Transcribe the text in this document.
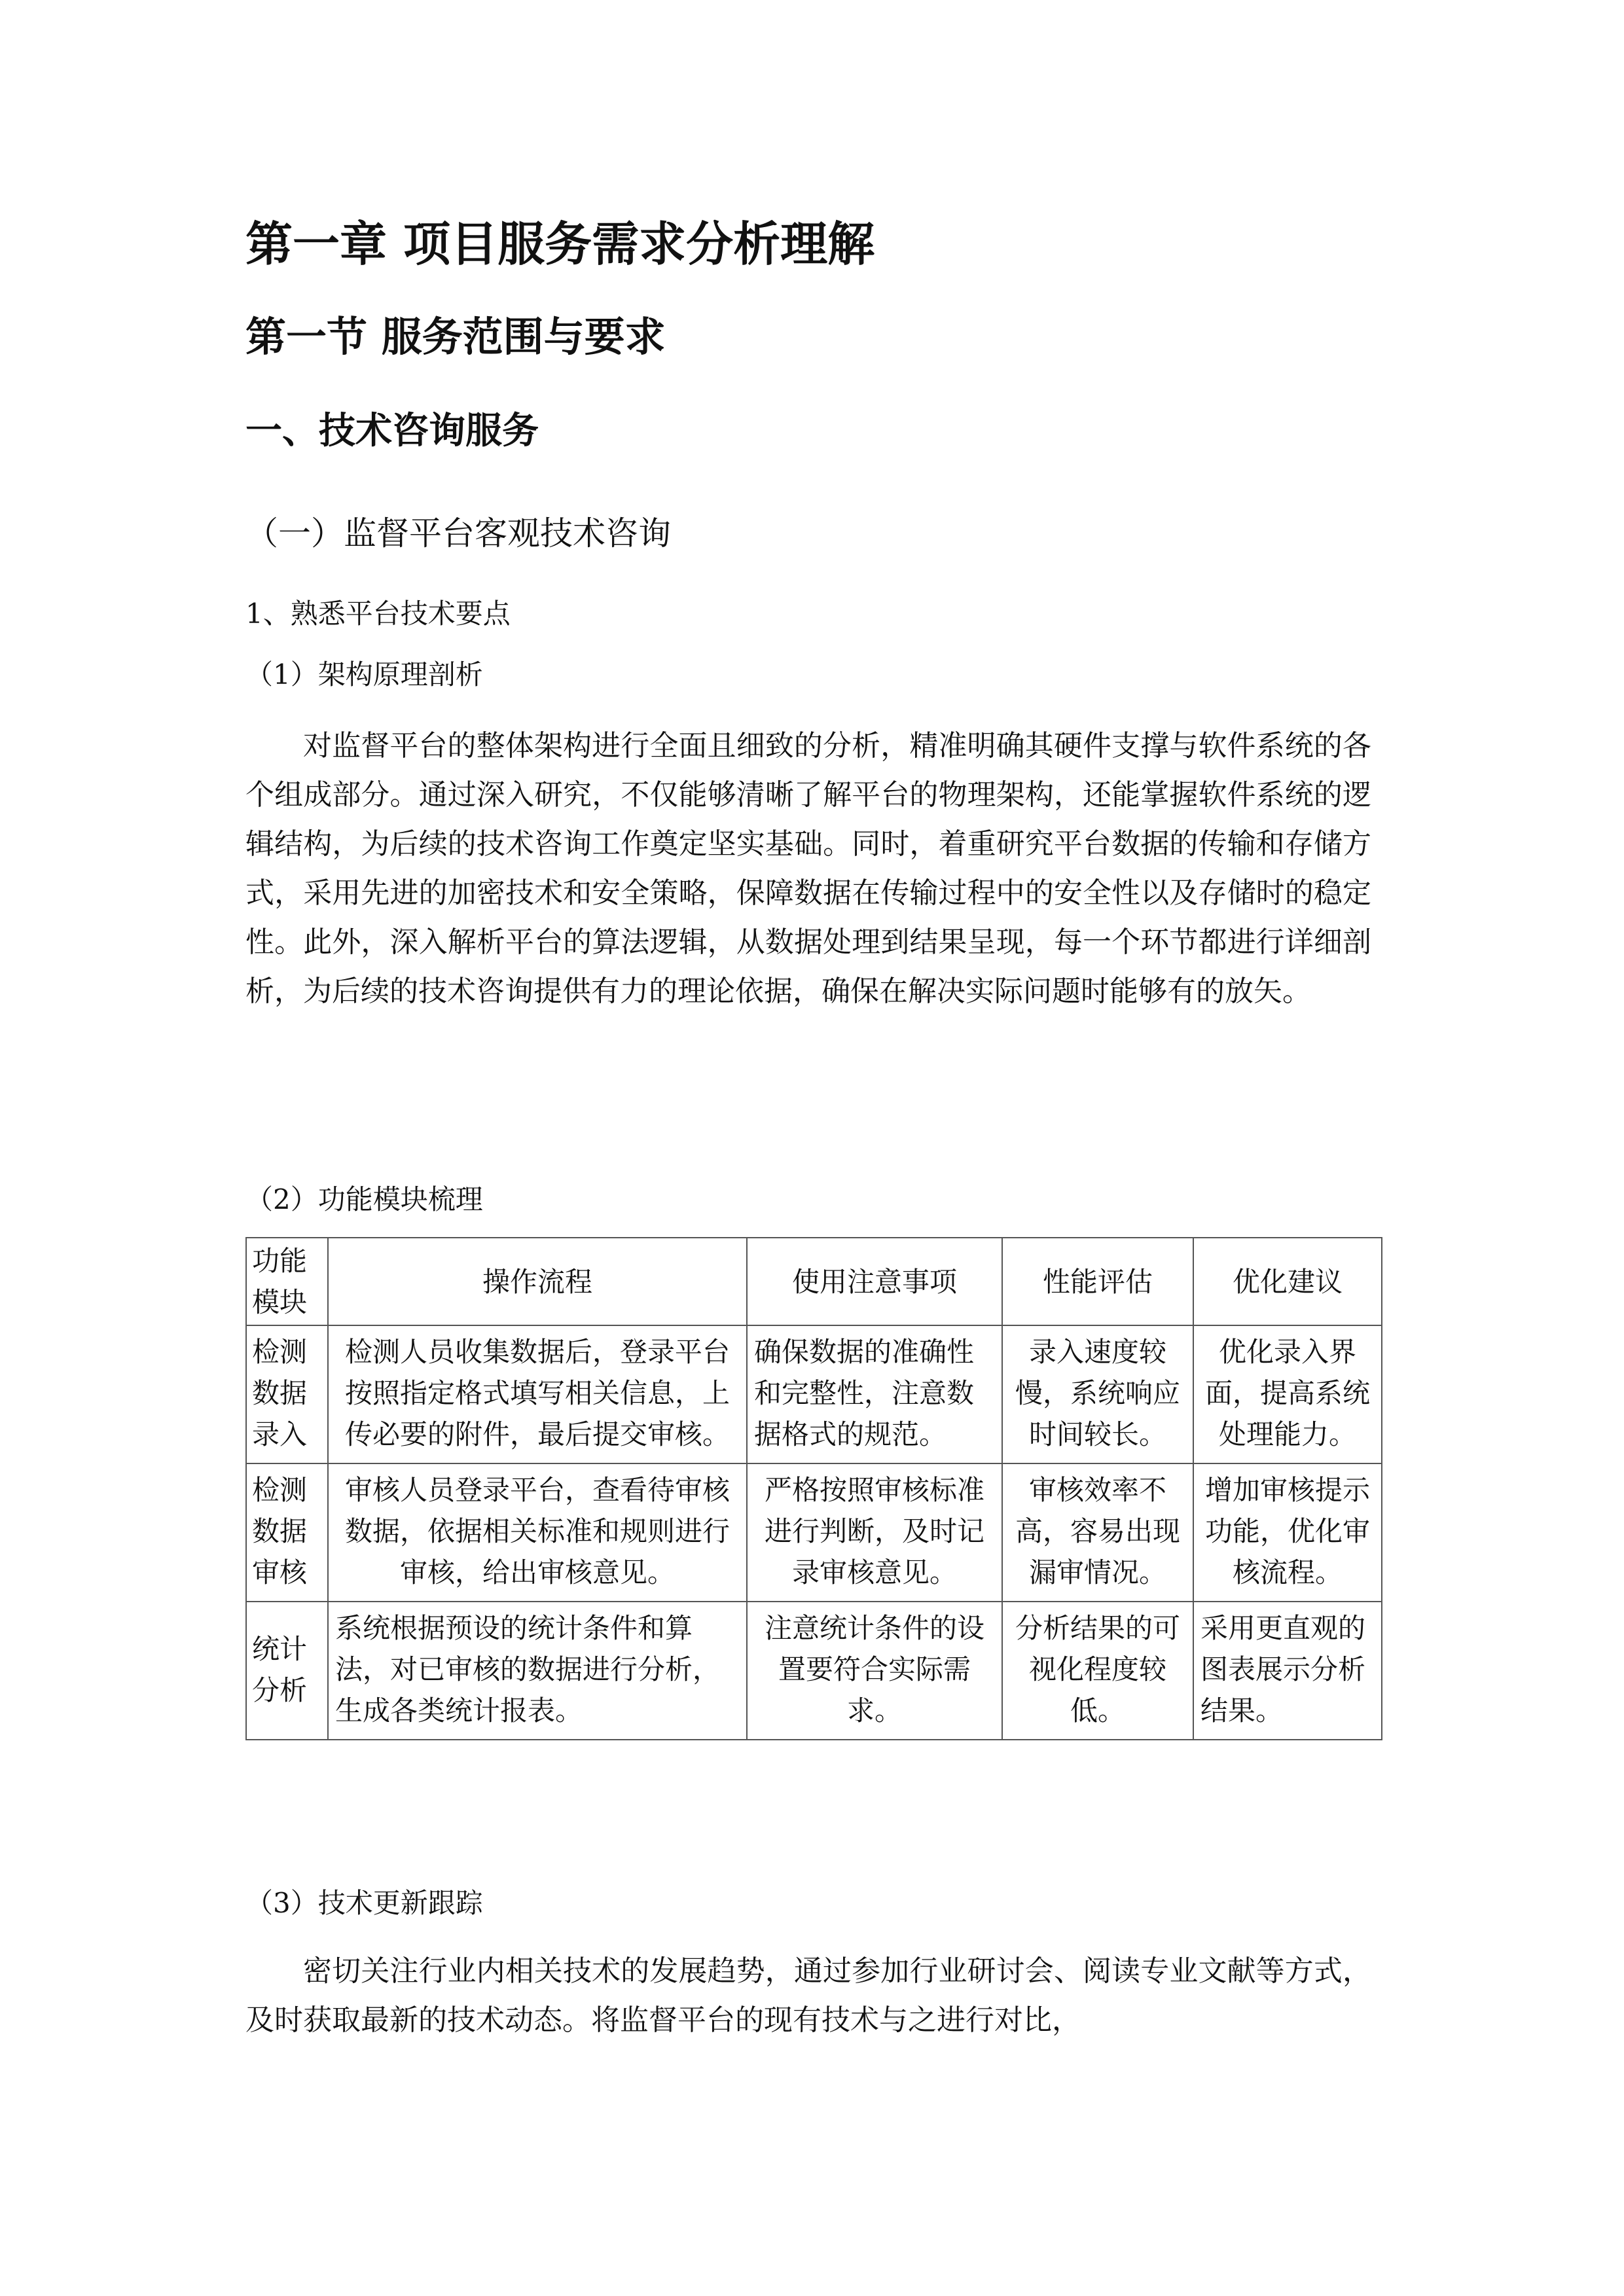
第一章 项目服务需求分析理解
第一节 服务范围与要求
一、技术咨询服务
（一）监督平台客观技术咨询

1、熟悉平台技术要点

（1）架构原理剖析

对监督平台的整体架构进行全面且细致的分析，精准明确其硬件支撑与软件系统的各个组成部分。通过深入研究，不仅能够清晰了解平台的物理架构，还能掌握软件系统的逻辑结构，为后续的技术咨询工作奠定坚实基础。同时，着重研究平台数据的传输和存储方式，采用先进的加密技术和安全策略，保障数据在传输过程中的安全性以及存储时的稳定性。此外，深入解析平台的算法逻辑，从数据处理到结果呈现，每一个环节都进行详细剖析，为后续的技术咨询提供有力的理论依据，确保在解决实际问题时能够有的放矢。

（2）功能模块梳理

功能模块	操作流程	使用注意事项	性能评估	优化建议
检测数据录入	检测人员收集数据后，登录平台按照指定格式填写相关信息，上传必要的附件，最后提交审核。	确保数据的准确性和完整性，注意数据格式的规范。	录入速度较慢，系统响应时间较长。	优化录入界面，提高系统处理能力。
检测数据审核	审核人员登录平台，查看待审核数据，依据相关标准和规则进行审核，给出审核意见。	严格按照审核标准进行判断，及时记录审核意见。	审核效率不高，容易出现漏审情况。	增加审核提示功能，优化审核流程。
统计分析	系统根据预设的统计条件和算法，对已审核的数据进行分析，生成各类统计报表。	注意统计条件的设置要符合实际需求。	分析结果的可视化程度较低。	采用更直观的图表展示分析结果。

（3）技术更新跟踪

密切关注行业内相关技术的发展趋势，通过参加行业研讨会、阅读专业文献等方式，及时获取最新的技术动态。将监督平台的现有技术与之进行对比，
